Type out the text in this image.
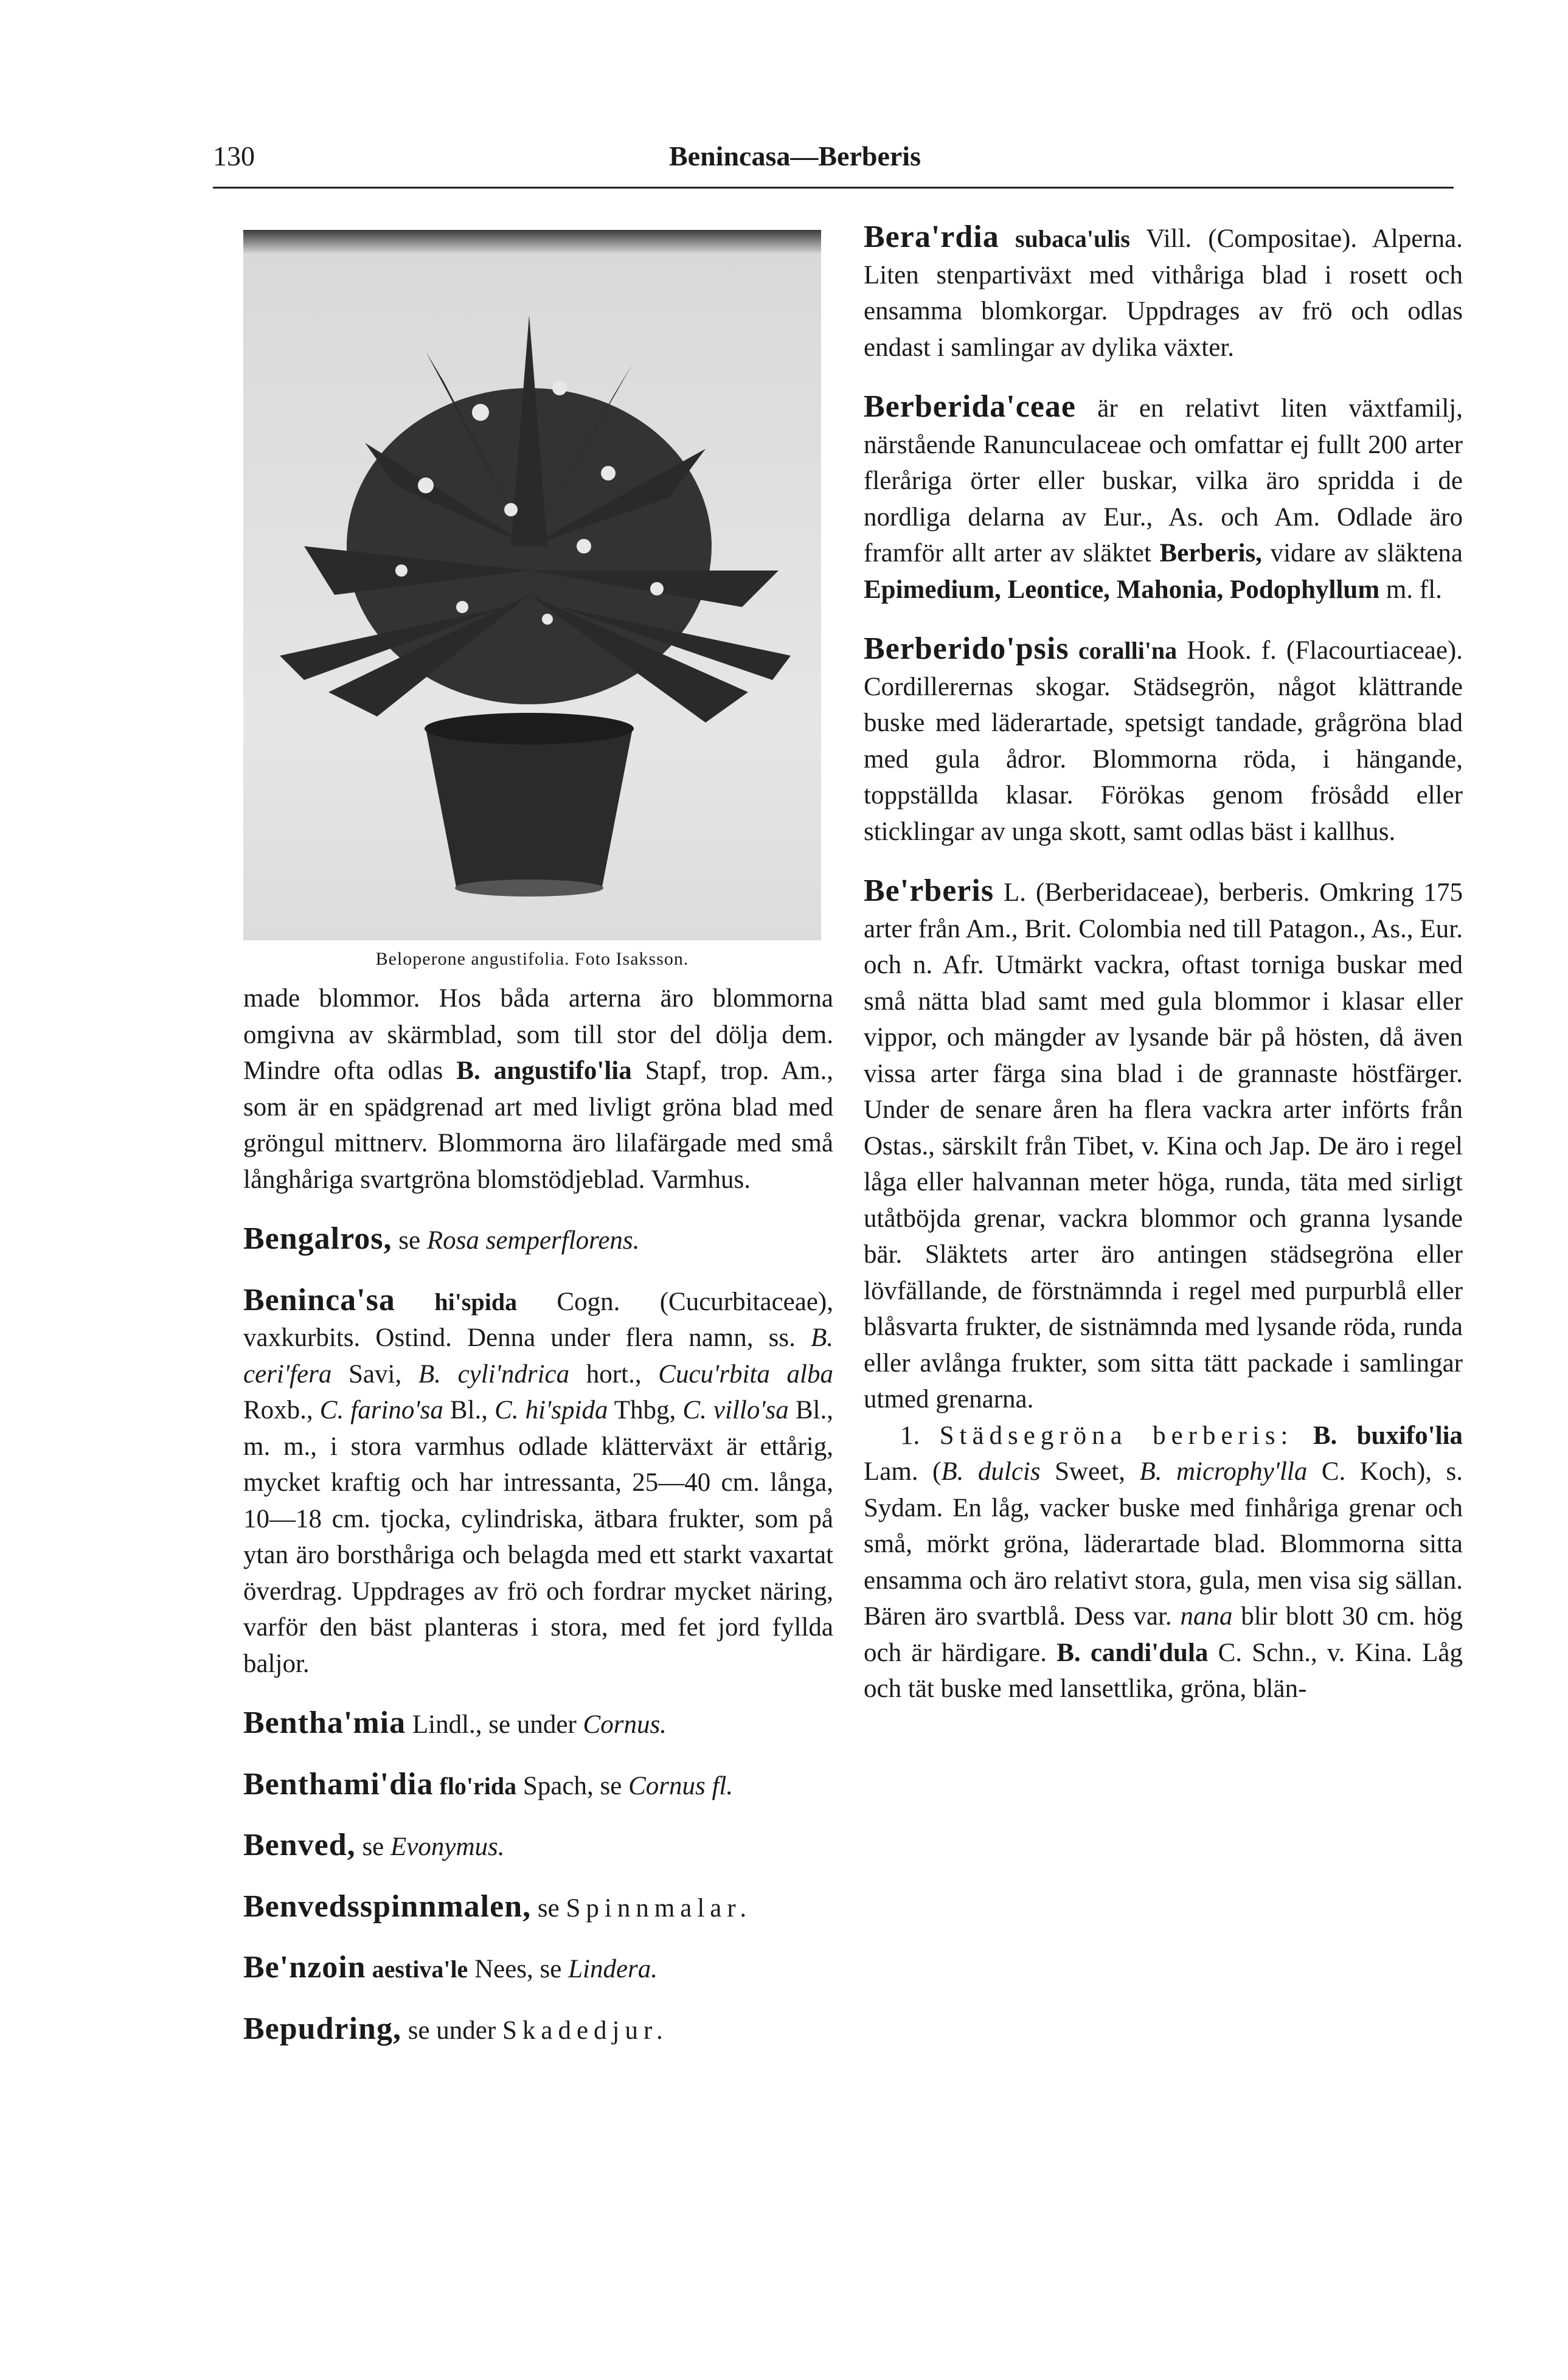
130	Benincasa—Berberis
Beloperone angustifolia. Foto Isaksson.

made blommor. Hos båda arterna äro blommorna omgivna av skärmblad, som till stor del dölja dem. Mindre ofta odlas B. angustifo'lia Stapf, trop. Am., som är en spädgrenad art med livligt gröna blad med gröngul mittnerv. Blommorna äro lilafärgade med små långhåriga svartgröna blomstödjeblad. Varmhus.

Bengalros, se Rosa semperflorens.

Beninca'sa hi'spida Cogn. (Cucurbitaceae), vaxkurbits. Ostind. Denna under flera namn, ss. B. ceri'fera Savi, B. cyli'ndrica hort., Cucu'rbita alba Roxb., C. farino'sa Bl., C. hi'spida Thbg, C. villo'sa Bl., m. m., i stora varmhus odlade klätterväxt är ettårig, mycket kraftig och har intressanta, 25—40 cm. långa, 10—18 cm. tjocka, cylindriska, ätbara frukter, som på ytan äro borsthåriga och belagda med ett starkt vaxartat överdrag. Uppdrages av frö och fordrar mycket näring, varför den bäst planteras i stora, med fet jord fyllda baljor.

Bentha'mia Lindl., se under Cornus.

Benthami'dia flo'rida Spach, se Cornus fl.

Benved, se Evonymus.

Benvedsspinnmalen, se Spinnmalar.

Be'nzoin aestiva'le Nees, se Lindera.

Bepudring, se under Skadedjur.

Bera'rdia subaca'ulis Vill. (Compositae). Alperna. Liten stenpartiväxt med vithåriga blad i rosett och ensamma blomkorgar. Uppdrages av frö och odlas endast i samlingar av dylika växter.

Berberida'ceae är en relativt liten växtfamilj, närstående Ranunculaceae och omfattar ej fullt 200 arter fleråriga örter eller buskar, vilka äro spridda i de nordliga delarna av Eur., As. och Am. Odlade äro framför allt arter av släktet Berberis, vidare av släktena Epimedium, Leontice, Mahonia, Podophyllum m. fl.

Berberido'psis coralli'na Hook. f. (Flacourtiaceae). Cordillerernas skogar. Städsegrön, något klättrande buske med läderartade, spetsigt tandade, grågröna blad med gula ådror. Blommorna röda, i hängande, toppställda klasar. Förökas genom frösådd eller sticklingar av unga skott, samt odlas bäst i kallhus.

Be'rberis L. (Berberidaceae), berberis. Omkring 175 arter från Am., Brit. Colombia ned till Patagon., As., Eur. och n. Afr. Utmärkt vackra, oftast torniga buskar med små nätta blad samt med gula blommor i klasar eller vippor, och mängder av lysande bär på hösten, då även vissa arter färga sina blad i de grannaste höstfärger. Under de senare åren ha flera vackra arter införts från Ostas., särskilt från Tibet, v. Kina och Jap. De äro i regel låga eller halvannan meter höga, runda, täta med sirligt utåtböjda grenar, vackra blommor och granna lysande bär. Släktets arter äro antingen städsegröna eller lövfällande, de förstnämnda i regel med purpurblå eller blåsvarta frukter, de sistnämnda med lysande röda, runda eller avlånga frukter, som sitta tätt packade i samlingar utmed grenarna.

1. Städsegröna berberis: B. buxifo'lia Lam. (B. dulcis Sweet, B. microphy'lla C. Koch), s. Sydam. En låg, vacker buske med finhåriga grenar och små, mörkt gröna, läderartade blad. Blommorna sitta ensamma och äro relativt stora, gula, men visa sig sällan. Bären äro svartblå. Dess var. nana blir blott 30 cm. hög och är härdigare. B. candi'dula C. Schn., v. Kina. Låg och tät buske med lansettlika, gröna, blän-
